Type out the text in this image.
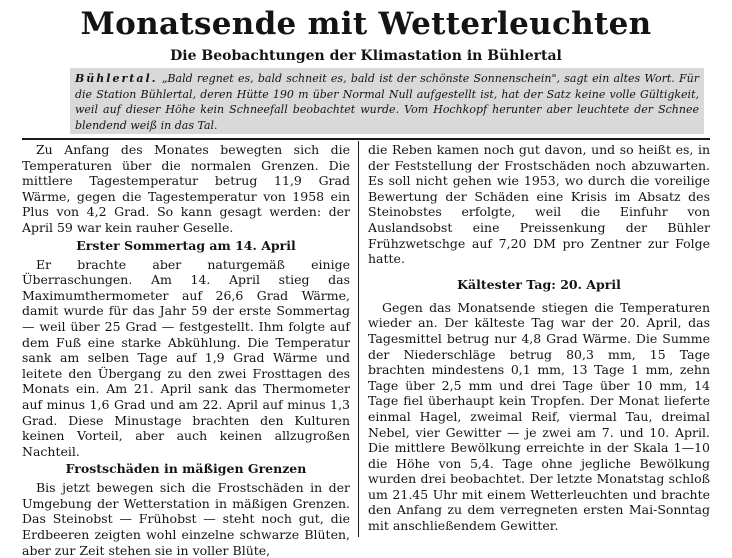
Monatsende mit Wetterleuchten
Die Beobachtungen der Klimastation in Bühlertal
Bühlertal. „Bald regnet es, bald schneit es, bald ist der schönste Sonnenschein", sagt ein altes Wort. Für die Station Bühlertal, deren Hütte 190 m über Normal Null aufgestellt ist, hat der Satz keine volle Gültigkeit, weil auf dieser Höhe kein Schneefall beobachtet wurde. Vom Hochkopf herunter aber leuchtete der Schnee blendend weiß in das Tal.

Zu Anfang des Monates bewegten sich die Temperaturen über die normalen Grenzen. Die mittlere Tagestemperatur betrug 11,9 Grad Wärme, gegen die Tagestemperatur von 1958 ein Plus von 4,2 Grad. So kann gesagt werden: der April 59 war kein rauher Geselle.

Erster Sommertag am 14. April

Er brachte aber naturgemäß einige Überraschungen. Am 14. April stieg das Maximumthermometer auf 26,6 Grad Wärme, damit wurde für das Jahr 59 der erste Sommertag — weil über 25 Grad — festgestellt. Ihm folgte auf dem Fuß eine starke Abkühlung. Die Temperatur sank am selben Tage auf 1,9 Grad Wärme und leitete den Übergang zu den zwei Frosttagen des Monats ein. Am 21. April sank das Thermometer auf minus 1,6 Grad und am 22. April auf minus 1,3 Grad. Diese Minustage brachten den Kulturen keinen Vorteil, aber auch keinen allzugroßen Nachteil.

Frostschäden in mäßigen Grenzen

Bis jetzt bewegen sich die Frostschäden in der Umgebung der Wetterstation in mäßigen Grenzen. Das Steinobst — Frühobst — steht noch gut, die Erdbeeren zeigten wohl einzelne schwarze Blüten, aber zur Zeit stehen sie in voller Blüte,

die Reben kamen noch gut davon, und so heißt es, in der Feststellung der Frostschäden noch abzuwarten. Es soll nicht gehen wie 1953, wo durch die voreilige Bewertung der Schäden eine Krisis im Absatz des Steinobstes erfolgte, weil die Einfuhr von Auslandsobst eine Preissenkung der Bühler Frühzwetschge auf 7,20 DM pro Zentner zur Folge hatte.

Kältester Tag: 20. April

Gegen das Monatsende stiegen die Temperaturen wieder an. Der kälteste Tag war der 20. April, das Tagesmittel betrug nur 4,8 Grad Wärme. Die Summe der Niederschläge betrug 80,3 mm, 15 Tage brachten mindestens 0,1 mm, 13 Tage 1 mm, zehn Tage über 2,5 mm und drei Tage über 10 mm, 14 Tage fiel überhaupt kein Tropfen. Der Monat lieferte einmal Hagel, zweimal Reif, viermal Tau, dreimal Nebel, vier Gewitter — je zwei am 7. und 10. April. Die mittlere Bewölkung erreichte in der Skala 1—10 die Höhe von 5,4. Tage ohne jegliche Bewölkung wurden drei beobachtet. Der letzte Monatstag schloß um 21.45 Uhr mit einem Wetterleuchten und brachte den Anfang zu dem verregneten ersten Mai-Sonntag mit anschließendem Gewitter.
